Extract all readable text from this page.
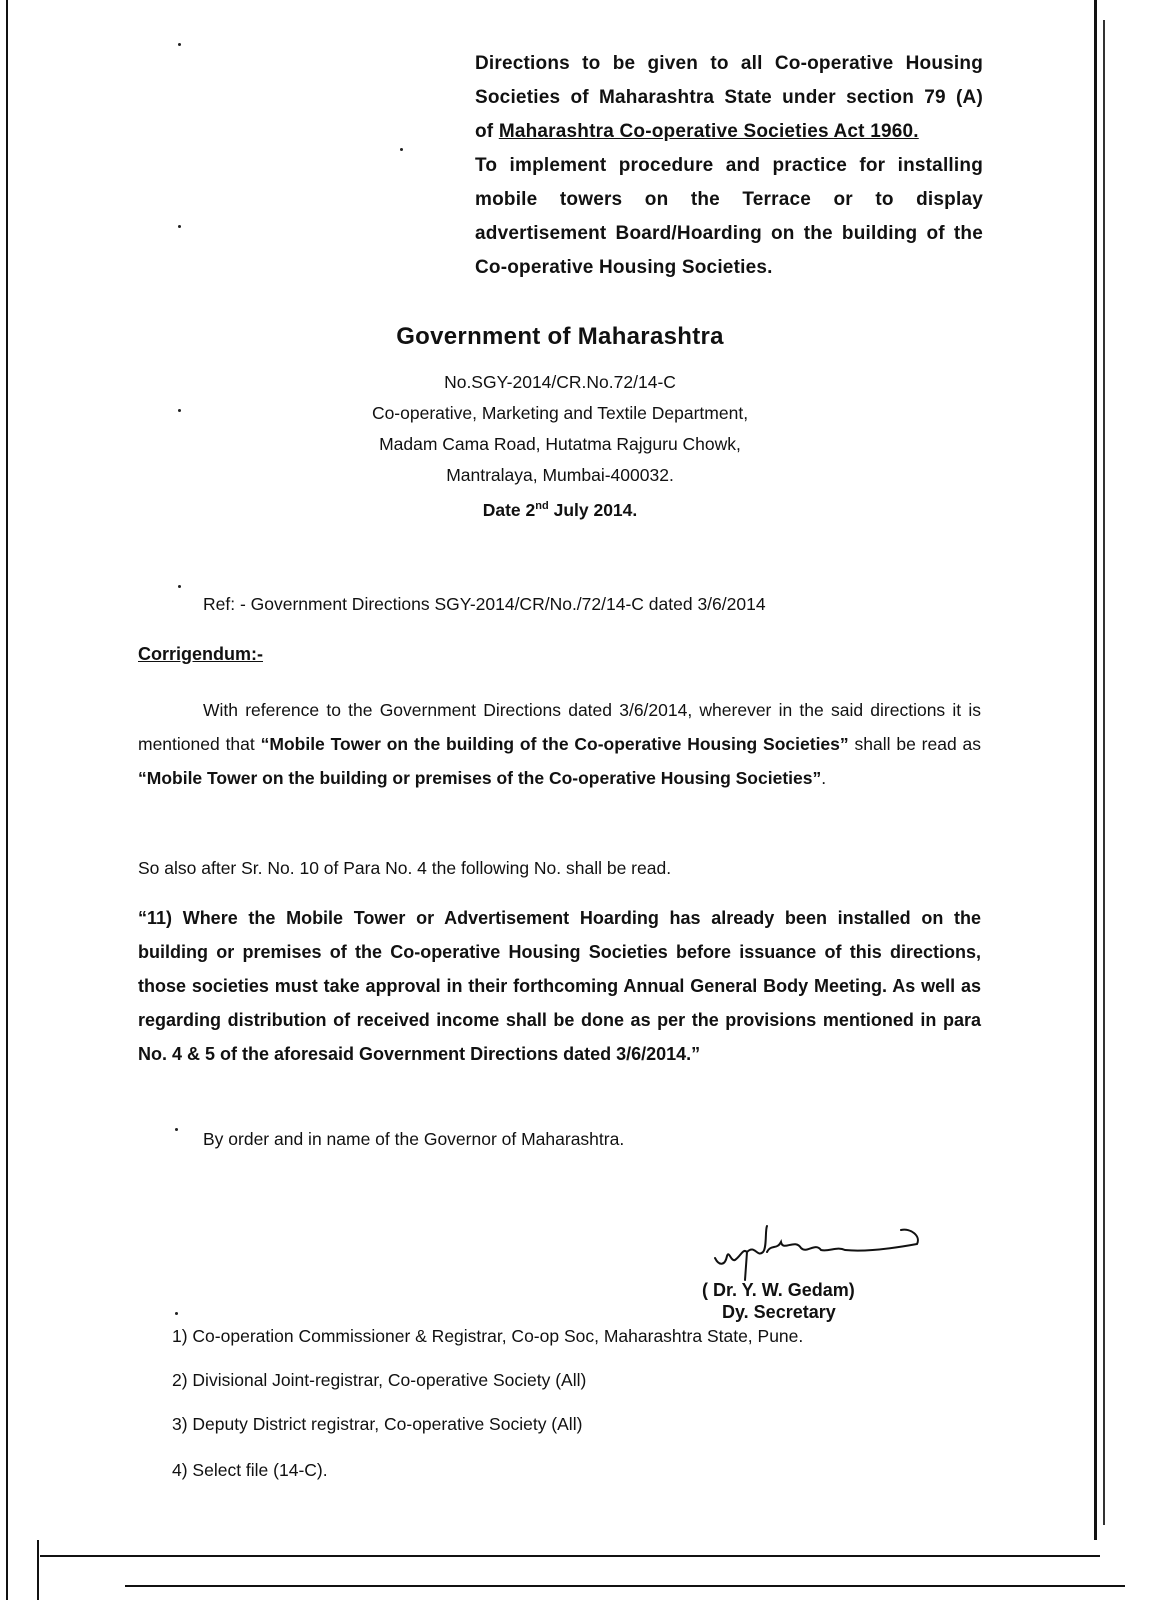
Directions to be given to all Co-operative Housing

Societies of Maharashtra State under section 79 (A)

of Maharashtra Co-operative Societies Act 1960.

To implement procedure and practice for installing

mobile towers on the Terrace or to display

advertisement Board/Hoarding on the building of the

Co-operative Housing Societies.

Government of Maharashtra
No.SGY-2014/CR.No.72/14-C
Co-operative, Marketing and Textile Department,
Madam Cama Road, Hutatma Rajguru Chowk,
Mantralaya, Mumbai-400032.
Date 2nd July 2014.
Ref: - Government Directions SGY-2014/CR/No./72/14-C dated 3/6/2014
Corrigendum:-
With reference to the Government Directions dated 3/6/2014, wherever in the said directions it is mentioned that “Mobile Tower on the building of the Co-operative Housing Societies” shall be read as “Mobile Tower on the building or premises of the Co-operative Housing Societies”.
So also after Sr. No. 10 of Para No. 4 the following No. shall be read.
“11) Where the Mobile Tower or Advertisement Hoarding has already been installed on the building or premises of the Co-operative Housing Societies before issuance of this directions, those societies must take approval in their forthcoming Annual General Body Meeting. As well as regarding distribution of received income shall be done as per the provisions mentioned in para No. 4 & 5 of the aforesaid Government Directions dated 3/6/2014.”
By order and in name of the Governor of Maharashtra.
( Dr. Y. W. Gedam)
Dy. Secretary
1) Co-operation Commissioner & Registrar, Co-op Soc, Maharashtra State, Pune.
2) Divisional Joint-registrar, Co-operative Society (All)
3) Deputy District registrar, Co-operative Society (All)
4) Select file (14-C).
